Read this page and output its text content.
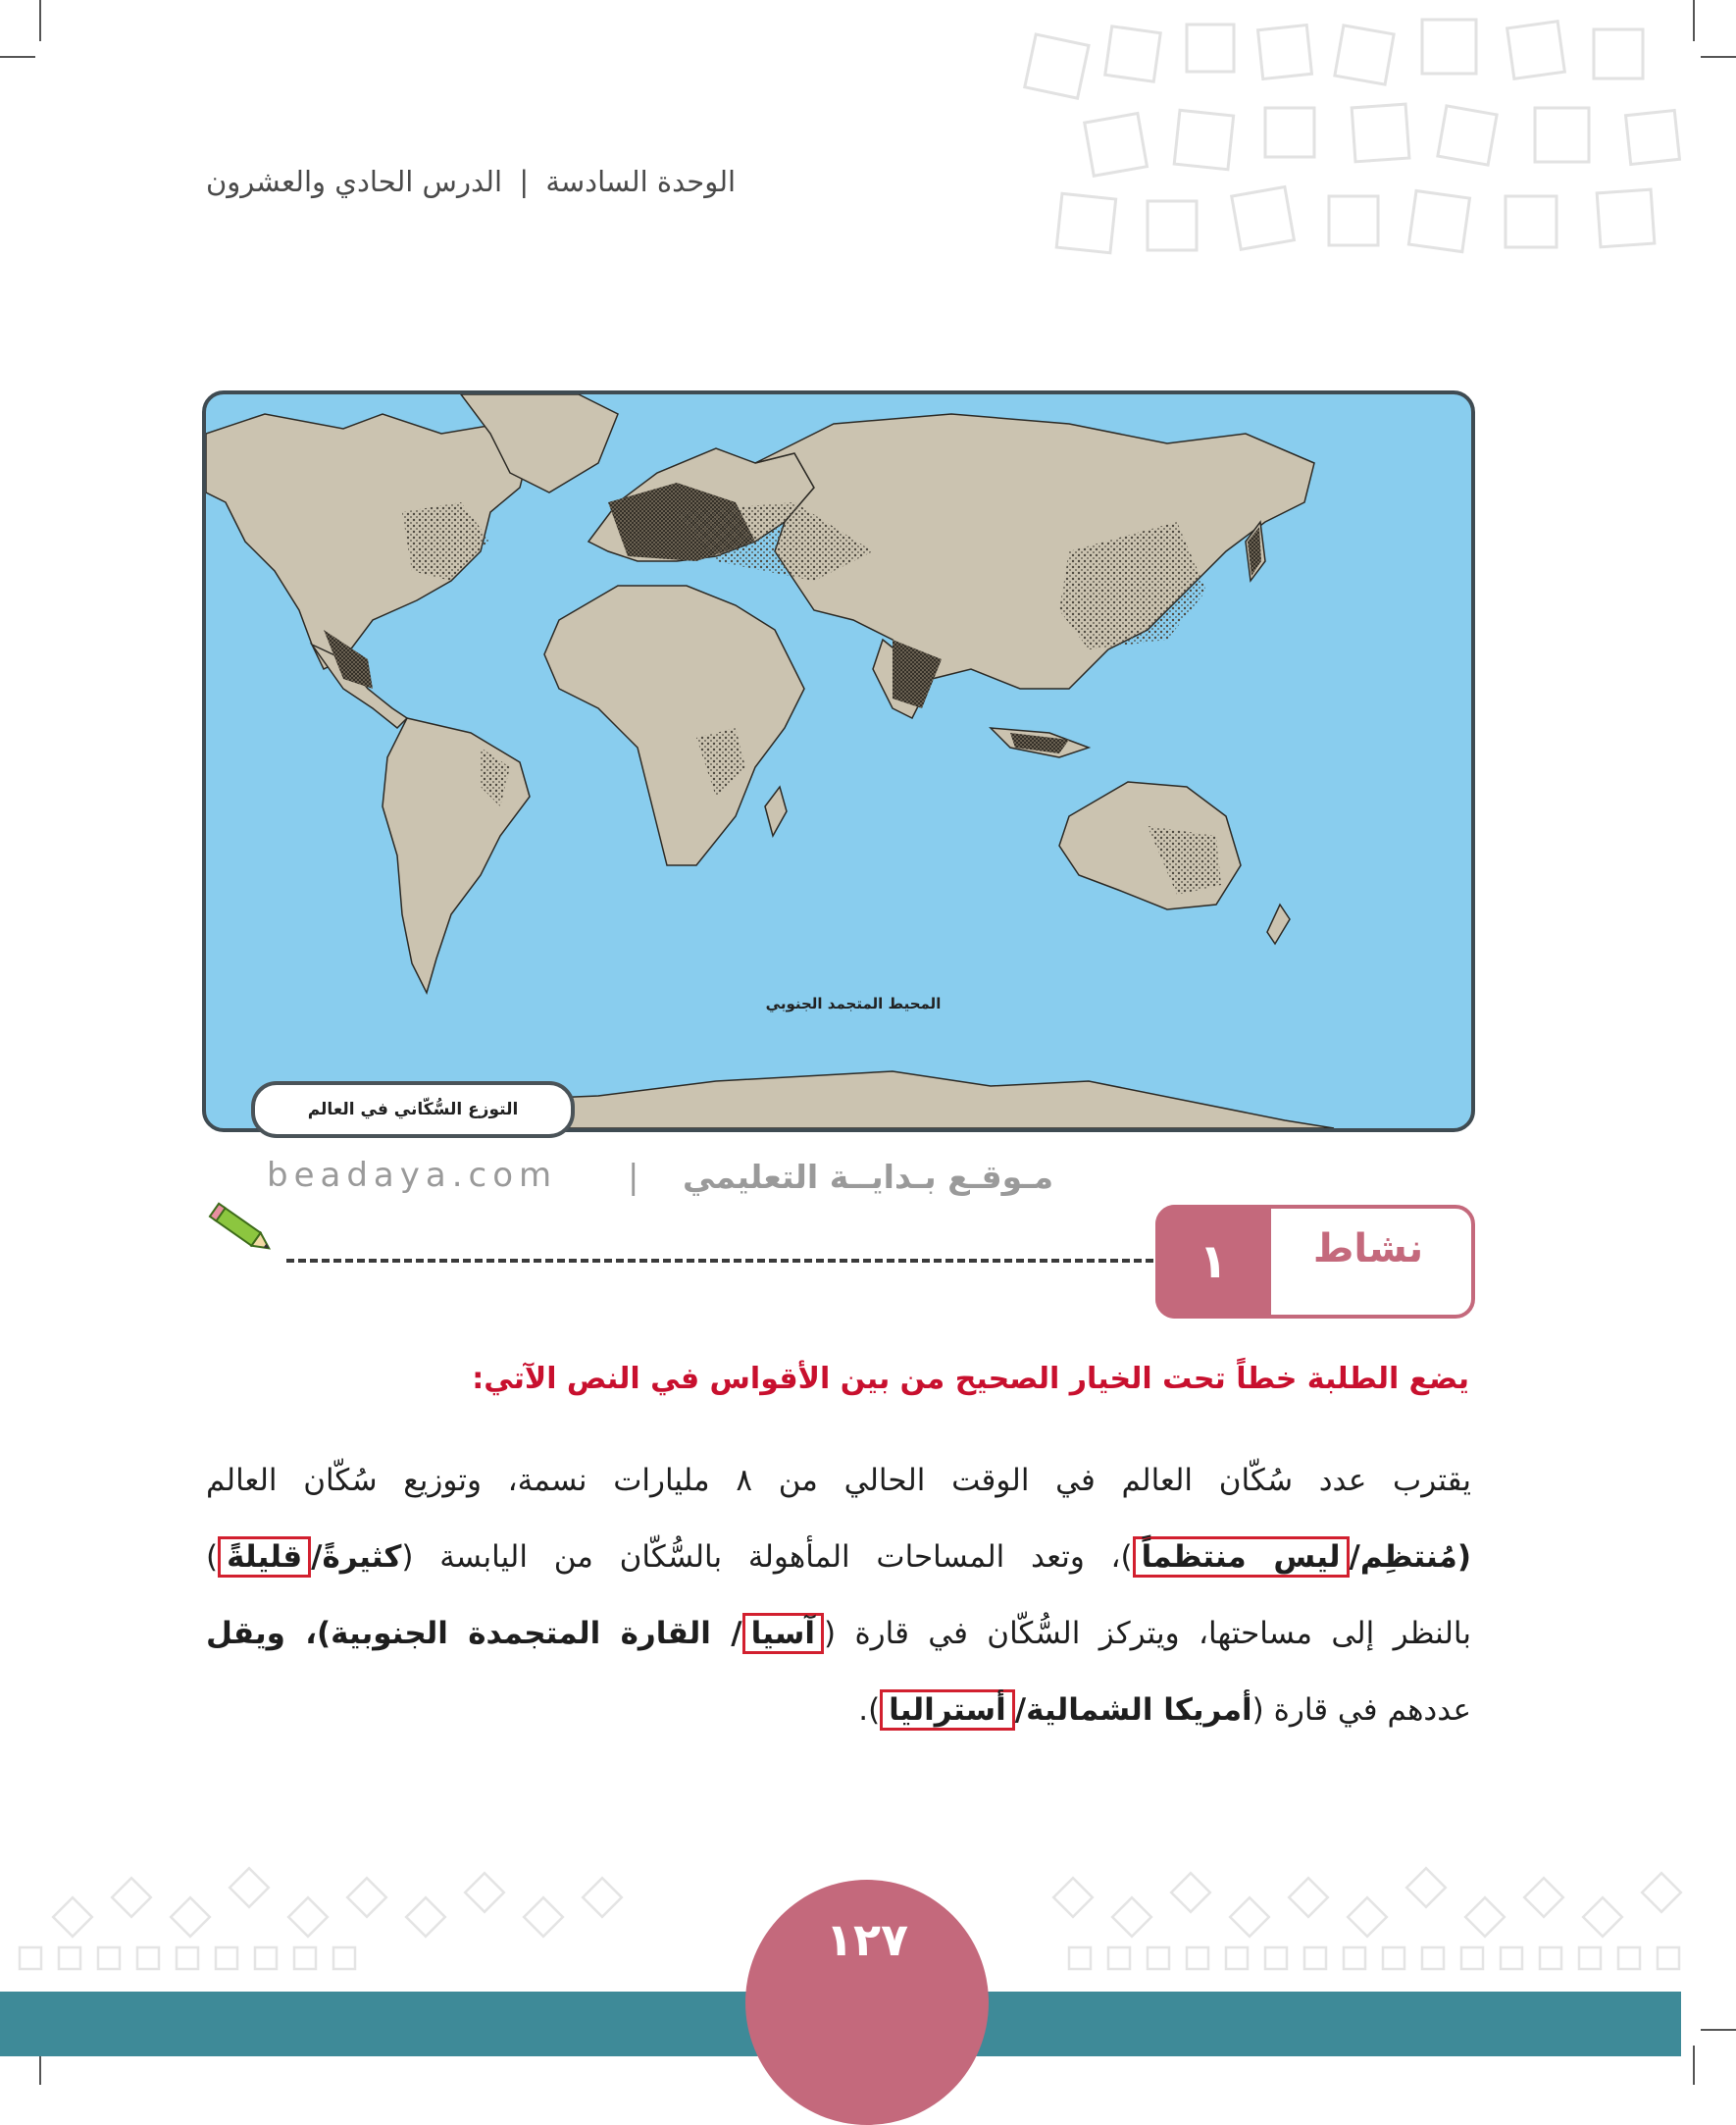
الوحدة السادسة | الدرس الحادي والعشرون
المحيط المتجمد الجنوبي
التوزع السُّكّاني في العالم
beadaya.com |	مـوقـع بـدايــة التعليمي
١	نشاط
يضع الطلبة خطاً تحت الخيار الصحيح من بين الأقواس في النص الآتي:
يقترب عدد سُكّان العالم في الوقت الحالي من ٨ مليارات نسمة، وتوزيع سُكّان العالم
(مُنتظِم/ليس منتظماً)، وتعد المساحات المأهولة بالسُّكّان من اليابسة (كثيرةً/قليلةً)
بالنظر إلى مساحتها، ويتركز السُّكّان في قارة (آسيا/ القارة المتجمدة الجنوبية)، ويقل
عددهم في قارة (أمريكا الشمالية/أستراليا).
١٢٧
